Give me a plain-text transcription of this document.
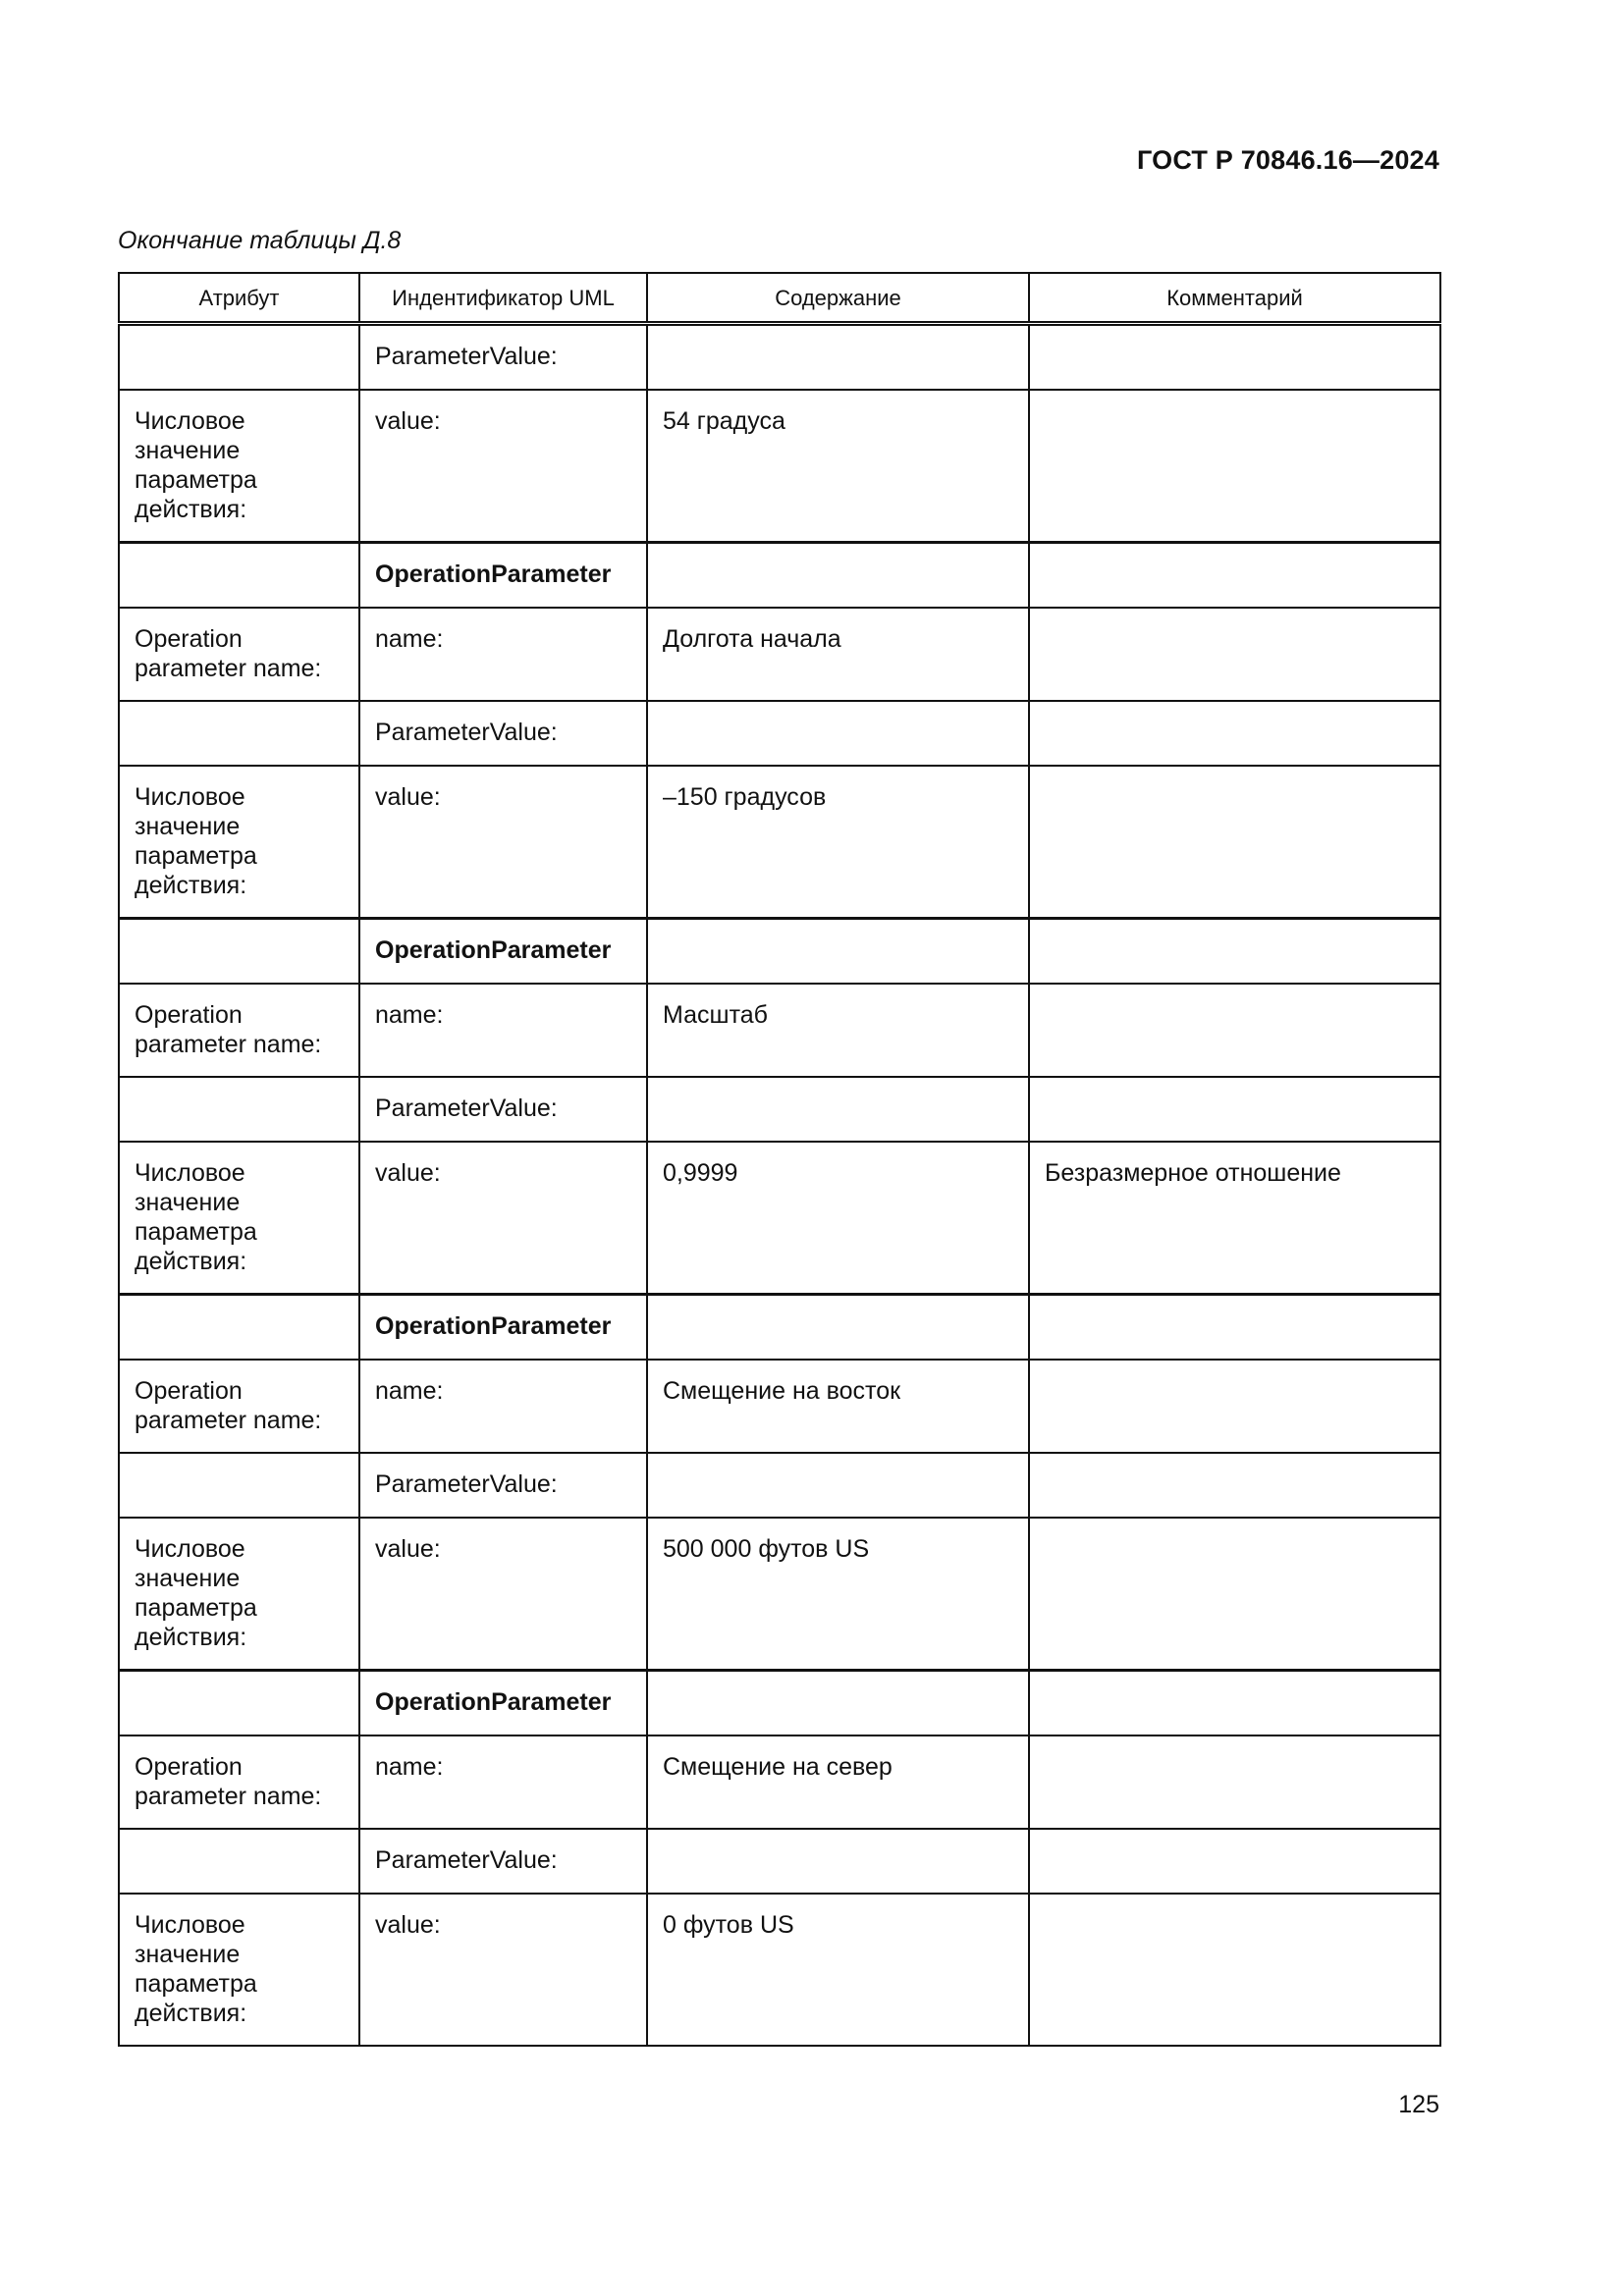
ГОСТ Р 70846.16—2024
Окончание таблицы Д.8
Атрибут	Индентификатор UML	Содержание	Комментарий
	ParameterValue:		
Числовое значение параметра действия:	value:	54 градуса	
	OperationParameter		
Operation parameter name:	name:	Долгота начала	
	ParameterValue:		
Числовое значение параметра действия:	value:	–150 градусов	
	OperationParameter		
Operation parameter name:	name:	Масштаб	
	ParameterValue:		
Числовое значение параметра действия:	value:	0,9999	Безразмерное отношение
	OperationParameter		
Operation parameter name:	name:	Смещение на восток	
	ParameterValue:		
Числовое значение параметра действия:	value:	500 000 футов US	
	OperationParameter		
Operation parameter name:	name:	Смещение на север	
	ParameterValue:		
Числовое значение параметра действия:	value:	0 футов US	
125
